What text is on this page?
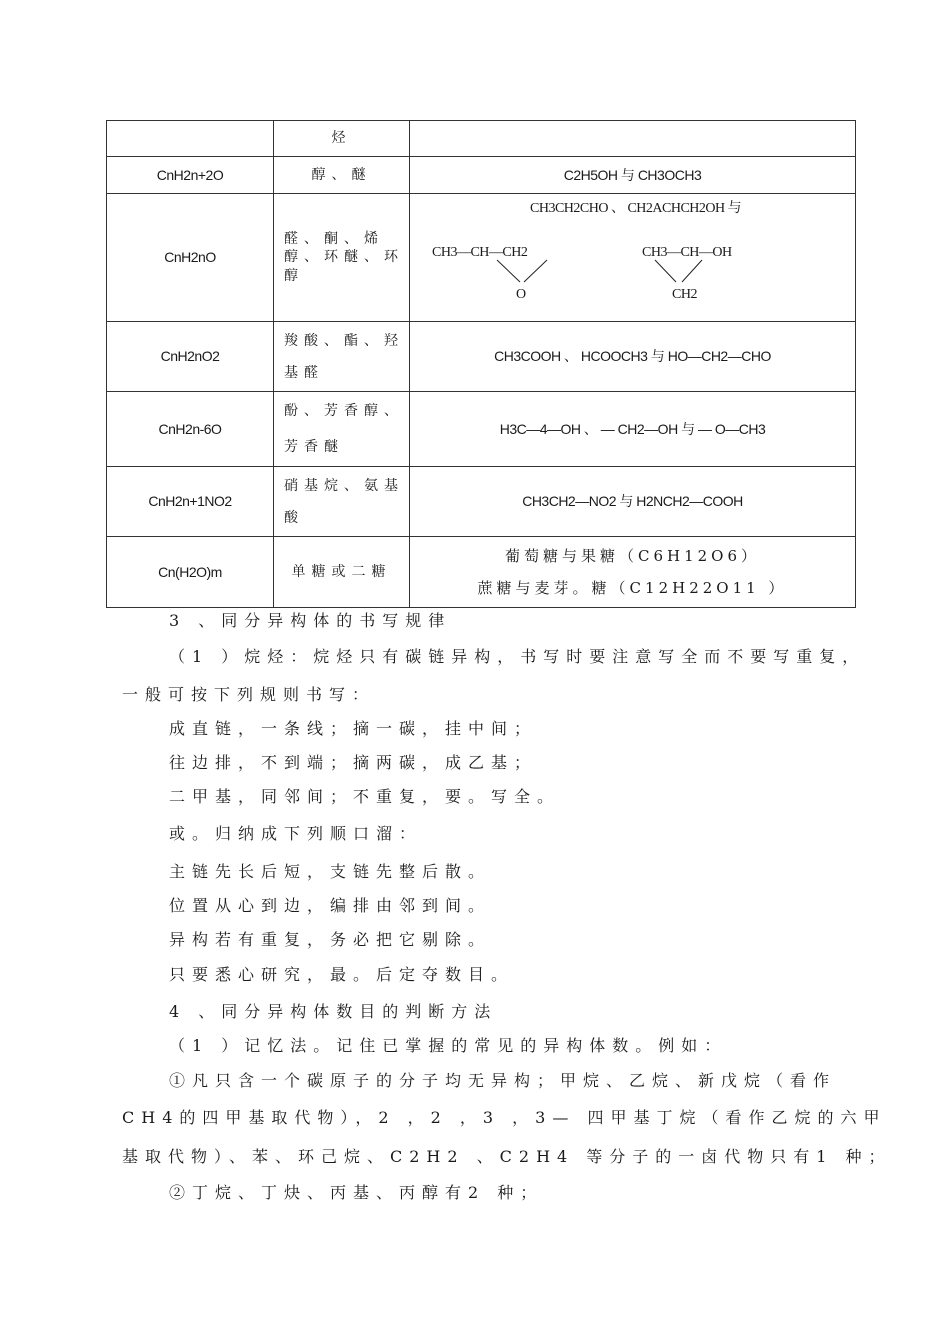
	烃	
CnH2n+2O	醇、醚	C2H5OH 与 CH3OCH3
CnH2nO	醛、酮、烯醇、环醚、环醇	CH3CH2CHO 、 CH2ACHCH2OH 与
CH3—CH—CH2
O
CH3—CH—OH
CH2

CnH2nO2	羧酸、酯、羟基醛	CH3COOH 、 HCOOCH3 与 HO—CH2—CHO
CnH2n-6O	酚、芳香醇、芳香醚	H3C—4—OH 、 — CH2—OH 与 — O—CH3
CnH2n+1NO2	硝基烷、氨基酸	CH3CH2—NO2 与 H2NCH2—COOH
Cn(H2O)m	单糖或二糖	葡萄糖与果糖（C6H12O6）
蔗糖与麦芽。糖（C12H22O11 ）
3 、同分异构体的书写规律
（1 ）烷烃：烷烃只有碳链异构，书写时要注意写全而不要写重复，
一般可按下列规则书写：
成直链，一条线；摘一碳，挂中间；
往边排，不到端；摘两碳，成乙基；
二甲基，同邻间；不重复，要。写全。
或。归纳成下列顺口溜：
主链先长后短，支链先整后散。
位置从心到边，编排由邻到间。
异构若有重复，务必把它剔除。
只要悉心研究，最。后定夺数目。
4 、同分异构体数目的判断方法
（1 ）记忆法。记住已掌握的常见的异构体数。例如：
①凡只含一个碳原子的分子均无异构；甲烷、乙烷、新戊烷（看作
CH4的四甲基取代物），2 ，2 ，3 ，3— 四甲基丁烷（看作乙烷的六甲
基取代物）、苯、环己烷、C2H2 、C2H4 等分子的一卤代物只有1 种；
②丁烷、丁炔、丙基、丙醇有2 种；
